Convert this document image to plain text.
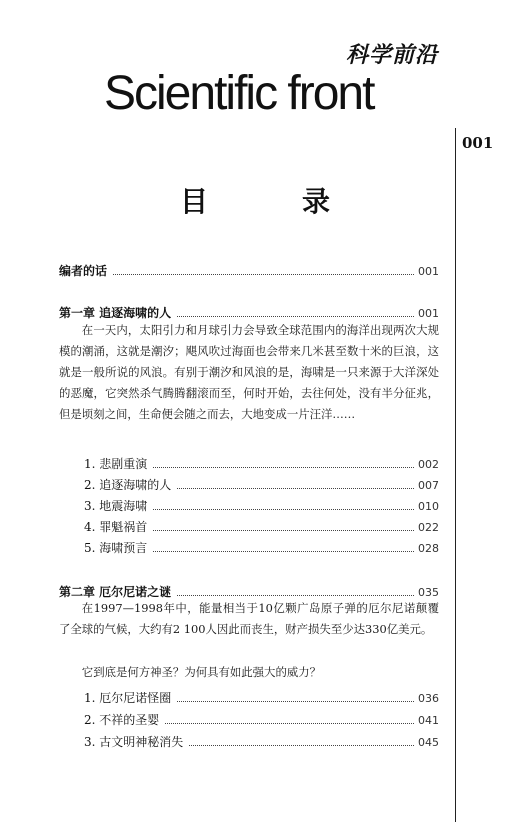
科学前沿
Scientific front
001
目	录
编者的话	001
第一章 追逐海啸的人	001
在一天内，太阳引力和月球引力会导致全球范围内的海洋出现两次大规模的潮涌，这就是潮汐；飓风吹过海面也会带来几米甚至数十米的巨浪，这就是一般所说的风浪。有别于潮汐和风浪的是，海啸是一只来源于大洋深处的恶魔，它突然杀气腾腾翻滚而至，何时开始，去往何处，没有半分征兆，但是顷刻之间，生命便会随之而去，大地变成一片汪洋……
1. 悲剧重演	002
2. 追逐海啸的人	007
3. 地震海啸	010
4. 罪魁祸首	022
5. 海啸预言	028
第二章 厄尔尼诺之谜	035
在1997—1998年中，能量相当于10亿颗广岛原子弹的厄尔尼诺颠覆了全球的气候，大约有2 100人因此而丧生，财产损失至少达330亿美元。
它到底是何方神圣？为何具有如此强大的威力？
1. 厄尔尼诺怪圈	036
2. 不祥的圣婴	041
3. 古文明神秘消失	045
